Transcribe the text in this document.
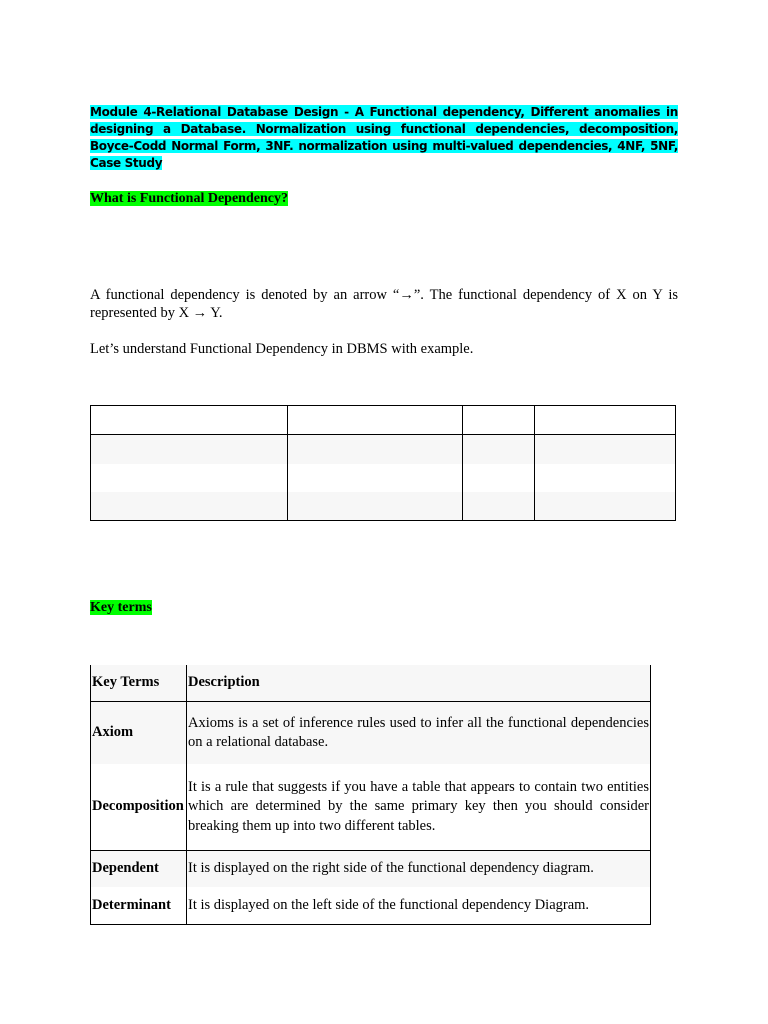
Module 4-Relational Database Design - A Functional dependency, Different anomalies in designing a Database. Normalization using functional dependencies, decomposition, Boyce-Codd Normal Form, 3NF. normalization using multi-valued dependencies, 4NF, 5NF, Case Study
What is Functional Dependency?
A functional dependency is denoted by an arrow “→”. The functional dependency of X on Y is represented by X → Y.
Let’s understand Functional Dependency in DBMS with example.
Key terms
Key Terms	Description
Axiom	Axioms is a set of inference rules used to infer all the functional dependencies on a relational database.
Decomposition	It is a rule that suggests if you have a table that appears to contain two entities which are determined by the same primary key then you should consider breaking them up into two different tables.
Dependent	It is displayed on the right side of the functional dependency diagram.
Determinant	It is displayed on the left side of the functional dependency Diagram.
